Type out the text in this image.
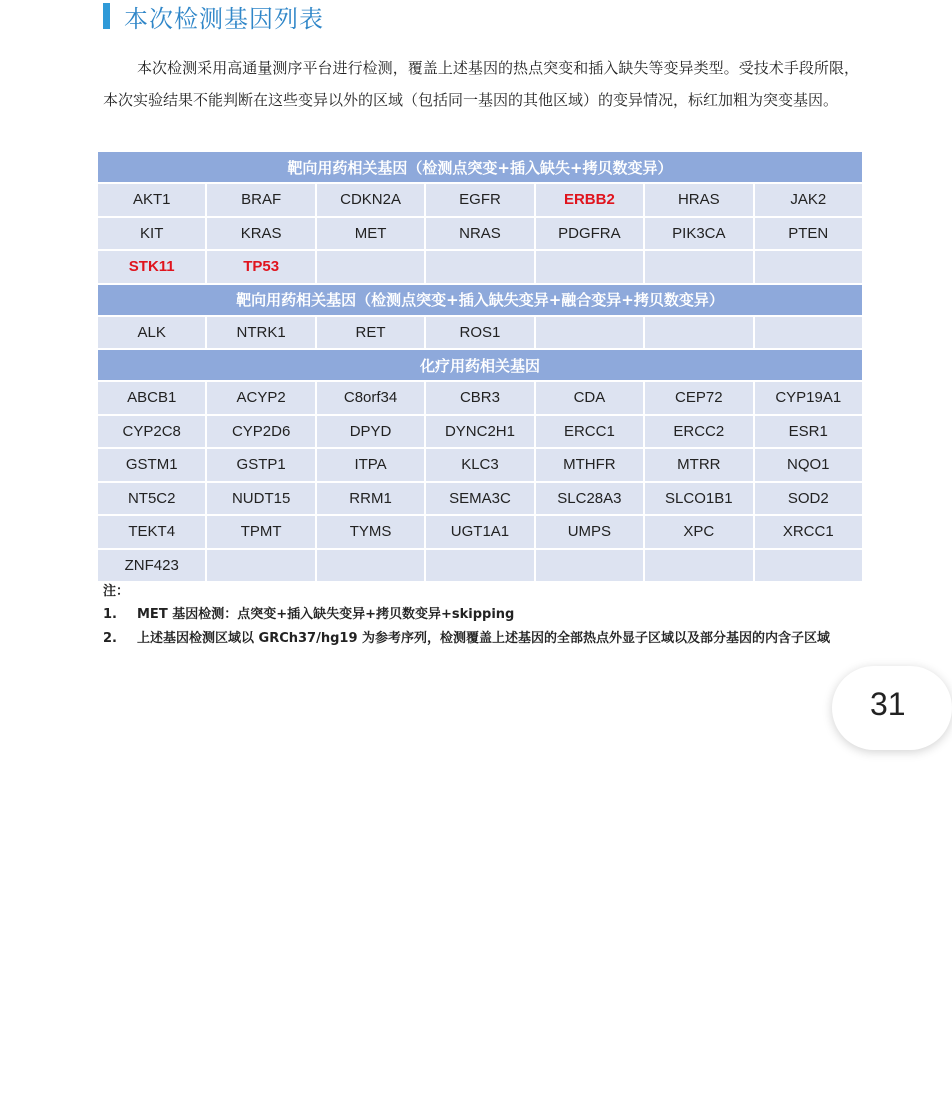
本次检测基因列表

本次检测采用高通量测序平台进行检测，覆盖上述基因的热点突变和插入缺失等变异类型。受技术手段所限，本次实验结果不能判断在这些变异以外的区域（包括同一基因的其他区域）的变异情况，标红加粗为突变基因。

靶向用药相关基因（检测点突变+插入缺失+拷贝数变异）						
AKT1	BRAF	CDKN2A	EGFR	ERBB2	HRAS	JAK2
KIT	KRAS	MET	NRAS	PDGFRA	PIK3CA	PTEN
STK11	TP53					
靶向用药相关基因（检测点突变+插入缺失变异+融合变异+拷贝数变异）						
ALK	NTRK1	RET	ROS1			
化疗用药相关基因						
ABCB1	ACYP2	C8orf34	CBR3	CDA	CEP72	CYP19A1
CYP2C8	CYP2D6	DPYD	DYNC2H1	ERCC1	ERCC2	ESR1
GSTM1	GSTP1	ITPA	KLC3	MTHFR	MTRR	NQO1
NT5C2	NUDT15	RRM1	SEMA3C	SLC28A3	SLCO1B1	SOD2
TEKT4	TPMT	TYMS	UGT1A1	UMPS	XPC	XRCC1
ZNF423						
注：
1.	MET 基因检测：点突变+插入缺失变异+拷贝数变异+skipping
2.	上述基因检测区域以 GRCh37/hg19 为参考序列，检测覆盖上述基因的全部热点外显子区域以及部分基因的内含子区域
31
